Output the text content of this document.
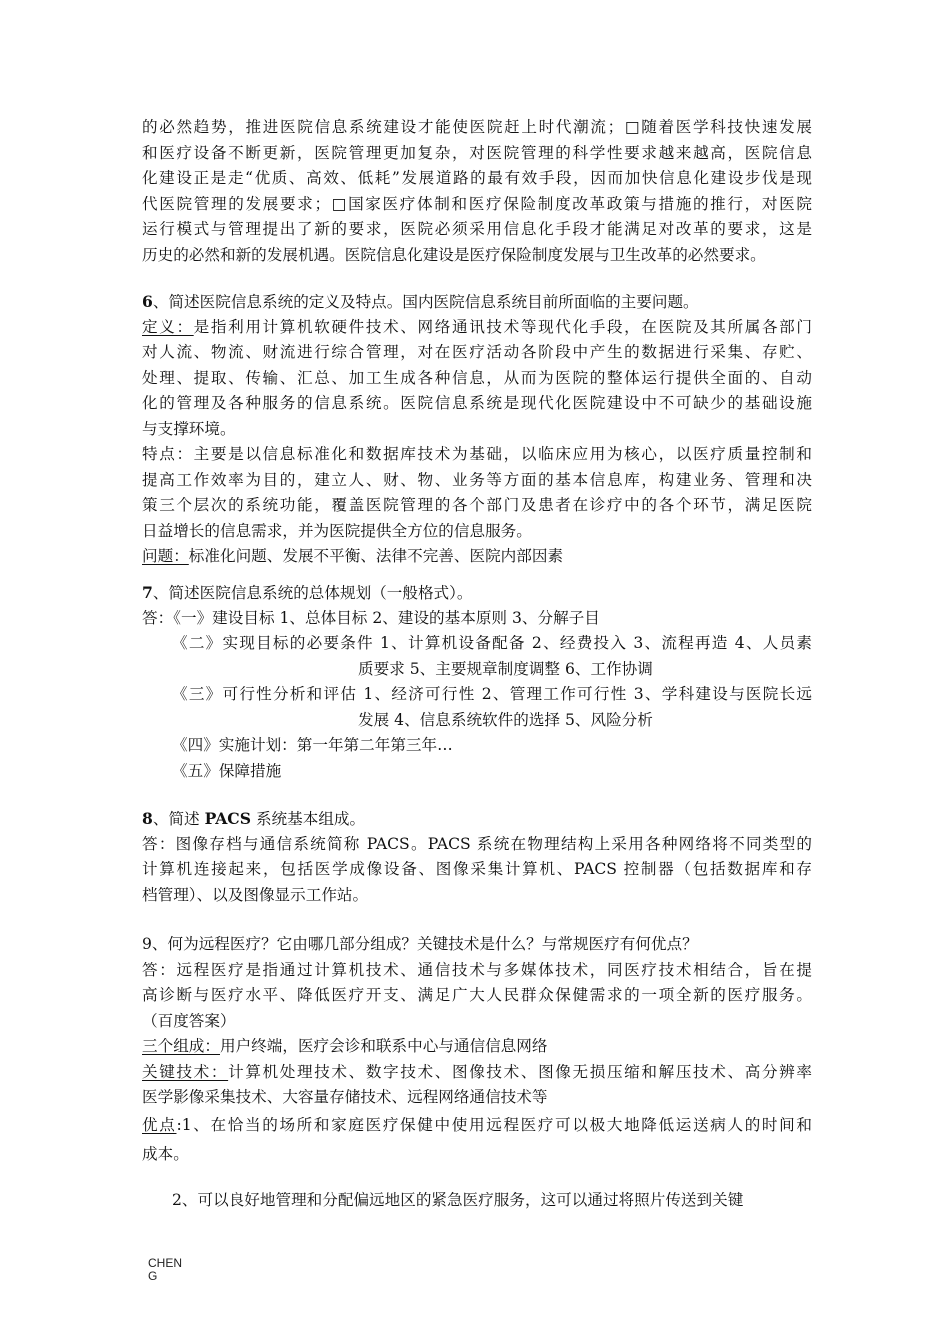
的必然趋势，推进医院信息系统建设才能使医院赶上时代潮流；□随着医学科技快速发展
和医疗设备不断更新，医院管理更加复杂，对医院管理的科学性要求越来越高，医院信息
化建设正是走“优质、高效、低耗”发展道路的最有效手段，因而加快信息化建设步伐是现
代医院管理的发展要求；□国家医疗体制和医疗保险制度改革政策与措施的推行，对医院
运行模式与管理提出了新的要求，医院必须采用信息化手段才能满足对改革的要求，这是
历史的必然和新的发展机遇。医院信息化建设是医疗保险制度发展与卫生改革的必然要求。
6、简述医院信息系统的定义及特点。国内医院信息系统目前所面临的主要问题。
定义：是指利用计算机软硬件技术、网络通讯技术等现代化手段，在医院及其所属各部门
对人流、物流、财流进行综合管理，对在医疗活动各阶段中产生的数据进行采集、存贮、
处理、提取、传输、汇总、加工生成各种信息，从而为医院的整体运行提供全面的、自动
化的管理及各种服务的信息系统。医院信息系统是现代化医院建设中不可缺少的基础设施
与支撑环境。
特点：主要是以信息标准化和数据库技术为基础，以临床应用为核心，以医疗质量控制和
提高工作效率为目的，建立人、财、物、业务等方面的基本信息库，构建业务、管理和决
策三个层次的系统功能，覆盖医院管理的各个部门及患者在诊疗中的各个环节，满足医院
日益增长的信息需求，并为医院提供全方位的信息服务。
问题：标准化问题、发展不平衡、法律不完善、医院内部因素
7、简述医院信息系统的总体规划（一般格式）。
答：《一》建设目标 1、总体目标 2、建设的基本原则 3、分解子目
《二》实现目标的必要条件 1、计算机设备配备 2、经费投入 3、流程再造 4、人员素
质要求 5、主要规章制度调整 6、工作协调
《三》可行性分析和评估 1、经济可行性 2、管理工作可行性 3、学科建设与医院长远
发展 4、信息系统软件的选择 5、风险分析
《四》实施计划：第一年第二年第三年…
《五》保障措施
8、简述 PACS 系统基本组成。
答：图像存档与通信系统简称 PACS。PACS 系统在物理结构上采用各种网络将不同类型的
计算机连接起来，包括医学成像设备、图像采集计算机、PACS 控制器（包括数据库和存
档管理）、以及图像显示工作站。
9、何为远程医疗？它由哪几部分组成？关键技术是什么？与常规医疗有何优点？
答：远程医疗是指通过计算机技术、通信技术与多媒体技术，同医疗技术相结合，旨在提
高诊断与医疗水平、降低医疗开支、满足广大人民群众保健需求的一项全新的医疗服务。
（百度答案）
三个组成：用户终端，医疗会诊和联系中心与通信信息网络
关键技术：计算机处理技术、数字技术、图像技术、图像无损压缩和解压技术、高分辨率
医学影像采集技术、大容量存储技术、远程网络通信技术等
优点:1、在恰当的场所和家庭医疗保健中使用远程医疗可以极大地降低运送病人的时间和
成本。
2、可以良好地管理和分配偏远地区的紧急医疗服务，这可以通过将照片传送到关键
CHEN
G
